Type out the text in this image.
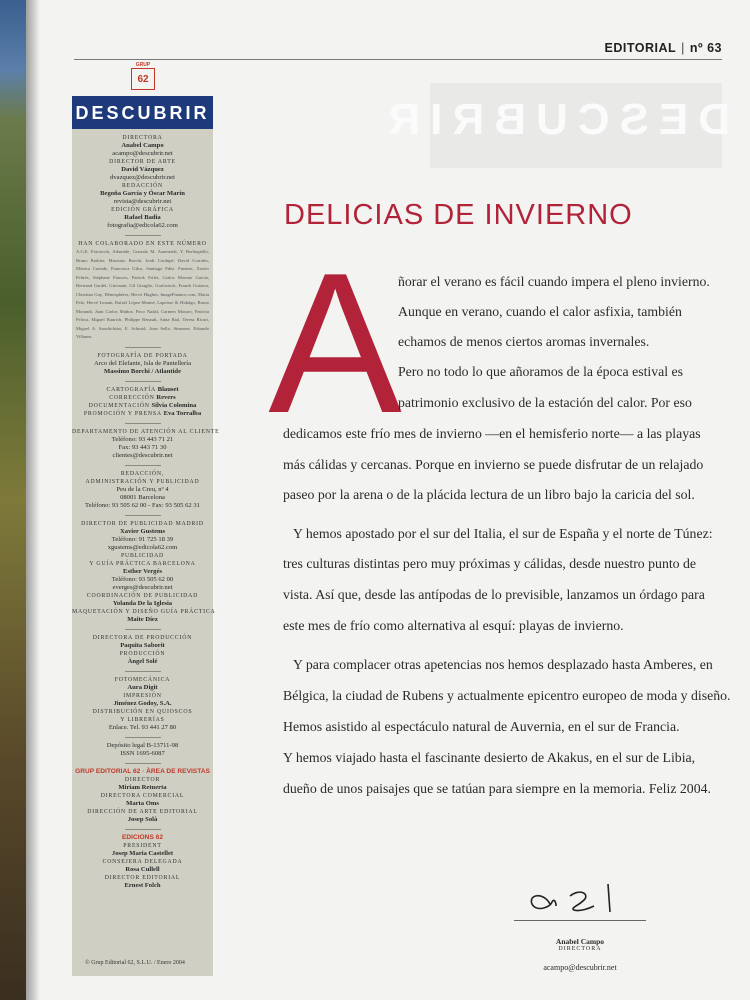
EDITORIAL | nº 63
DESCUBRIR
GRUP
62
DESCUBRIR
DIRECTORA
Anabel Campo
acampo@descubrir.net
DIRECTOR DE ARTE
David Vázquez
dvazquez@descubrir.net
REDACCIÓN
Begoña García y Óscar Marín
revista@descubrir.net
EDICIÓN GRÁFICA
Rafael Badia
fotografia@edicola62.com
HAN COLABORADO EN ESTE NÚMERO
A.G.E. Fotostock, Atlantide, Gonzalo M. Azumendi, Y. Berlingiello, Bruno Barbier, Massimo Borchi, Jordi Cordupé, David Corrales, Mónica Cuende, Francesca Gilca, Santiago Fdez. Fuentes, Xavier Feltrés, Stéphane Frances, Patrick Frilet, Carlos Moreno García, Bertrand Gardel, Giovanni, Gil Giraglio, Grafostock, Franck Guiziou, Christian Guy, Hémisphères, Hervé Hughes, ImageFinance.com, Marta Palo, Hervé Lenain, Rafael López-Monné, Lapeisse & Hidalgo, Bruno Morandi, Juan Carlos Muñoz, Paco Nadal, Carmen Masoro, Patricia Pelosa, Miguel Raurich, Philippe Renault, Anna Rial, Teresa Ricart, Miguel A. Sanchidrián, E. Schmid, Joan Sella, Simeone, Eduardo Villanea.
FOTOGRAFÍA DE PORTADA
Arco del Elefante, Isla de Pantellería
Massimo Borchi / Atlantide
CARTOGRAFÍA Blauset
CORRECCIÓN Revers
DOCUMENTACIÓN Silvia Colomina
PROMOCIÓN Y PRENSA Eva Torralba
DEPARTAMENTO DE ATENCIÓN AL CLIENTE
Teléfono: 93 443 71 21
Fax: 93 443 71 30
clientes@descubrir.net
REDACCIÓN,
ADMINISTRACIÓN Y PUBLICIDAD
Peu de la Creu, nº 4
08001 Barcelona
Teléfono: 93 505 62 00 - Fax: 93 505 62 31
DIRECTOR DE PUBLICIDAD MADRID
Xavier Gustems
Teléfono: 91 725 18 39
xgustems@edicola62.com
PUBLICIDAD
Y GUÍA PRÁCTICA BARCELONA
Esther Vergés
Teléfono: 93 505 62 00
everges@descubrir.net
COORDINACIÓN DE PUBLICIDAD
Yolanda De la Iglesia
MAQUETACIÓN Y DISEÑO GUÍA PRÁCTICA
Maite Díez
DIRECTORA DE PRODUCCIÓN
Paquita Saborit
PRODUCCIÓN
Àngel Solé
FOTOMECÁNICA
Aura Digit
IMPRESIÓN
Jiménez Godoy, S.A.
DISTRIBUCIÓN EN QUIOSCOS
Y LIBRERÍAS
Enlace. Tel. 93 441 27 80
Depósito legal B-13711-98
ISSN 1695-6087
GRUP EDITORIAL 62 · ÀREA DE REVISTAS
DIRECTOR
Miriam Retuerta
DIRECTORA COMERCIAL
Marta Oms
DIRECCIÓN DE ARTE EDITORIAL
Josep Solà
EDICIONS 62
PRESIDENT
Josep Maria Castellet
CONSEJERA DELEGADA
Rosa Cullell
DIRECTOR EDITORIAL
Ernest Folch
© Grup Editorial 62, S.L.U. / Enero 2004
DELICIAS DE INVIERNO
A
ñorar el verano es fácil cuando impera el pleno invierno.
Aunque en verano, cuando el calor asfixia, también
echamos de menos ciertos aromas invernales.
Pero no todo lo que añoramos de la época estival es
patrimonio exclusivo de la estación del calor. Por eso
dedicamos este frío mes de invierno —en el hemisferio norte— a las playas
más cálidas y cercanas. Porque en invierno se puede disfrutar de un relajado
paseo por la arena o de la plácida lectura de un libro bajo la caricia del sol.
Y hemos apostado por el sur del Italia, el sur de España y el norte de Túnez:
tres culturas distintas pero muy próximas y cálidas, desde nuestro punto de
vista. Así que, desde las antípodas de lo previsible, lanzamos un órdago para
este mes de frío como alternativa al esquí: playas de invierno.
Y para complacer otras apetencias nos hemos desplazado hasta Amberes, en
Bélgica, la ciudad de Rubens y actualmente epicentro europeo de moda y diseño.
Hemos asistido al espectáculo natural de Auvernia, en el sur de Francia.
Y hemos viajado hasta el fascinante desierto de Akakus, en el sur de Libia,
dueño de unos paisajes que se tatúan para siempre en la memoria. Feliz 2004.
Anabel Campo
DIRECTORA
acampo@descubrir.net
